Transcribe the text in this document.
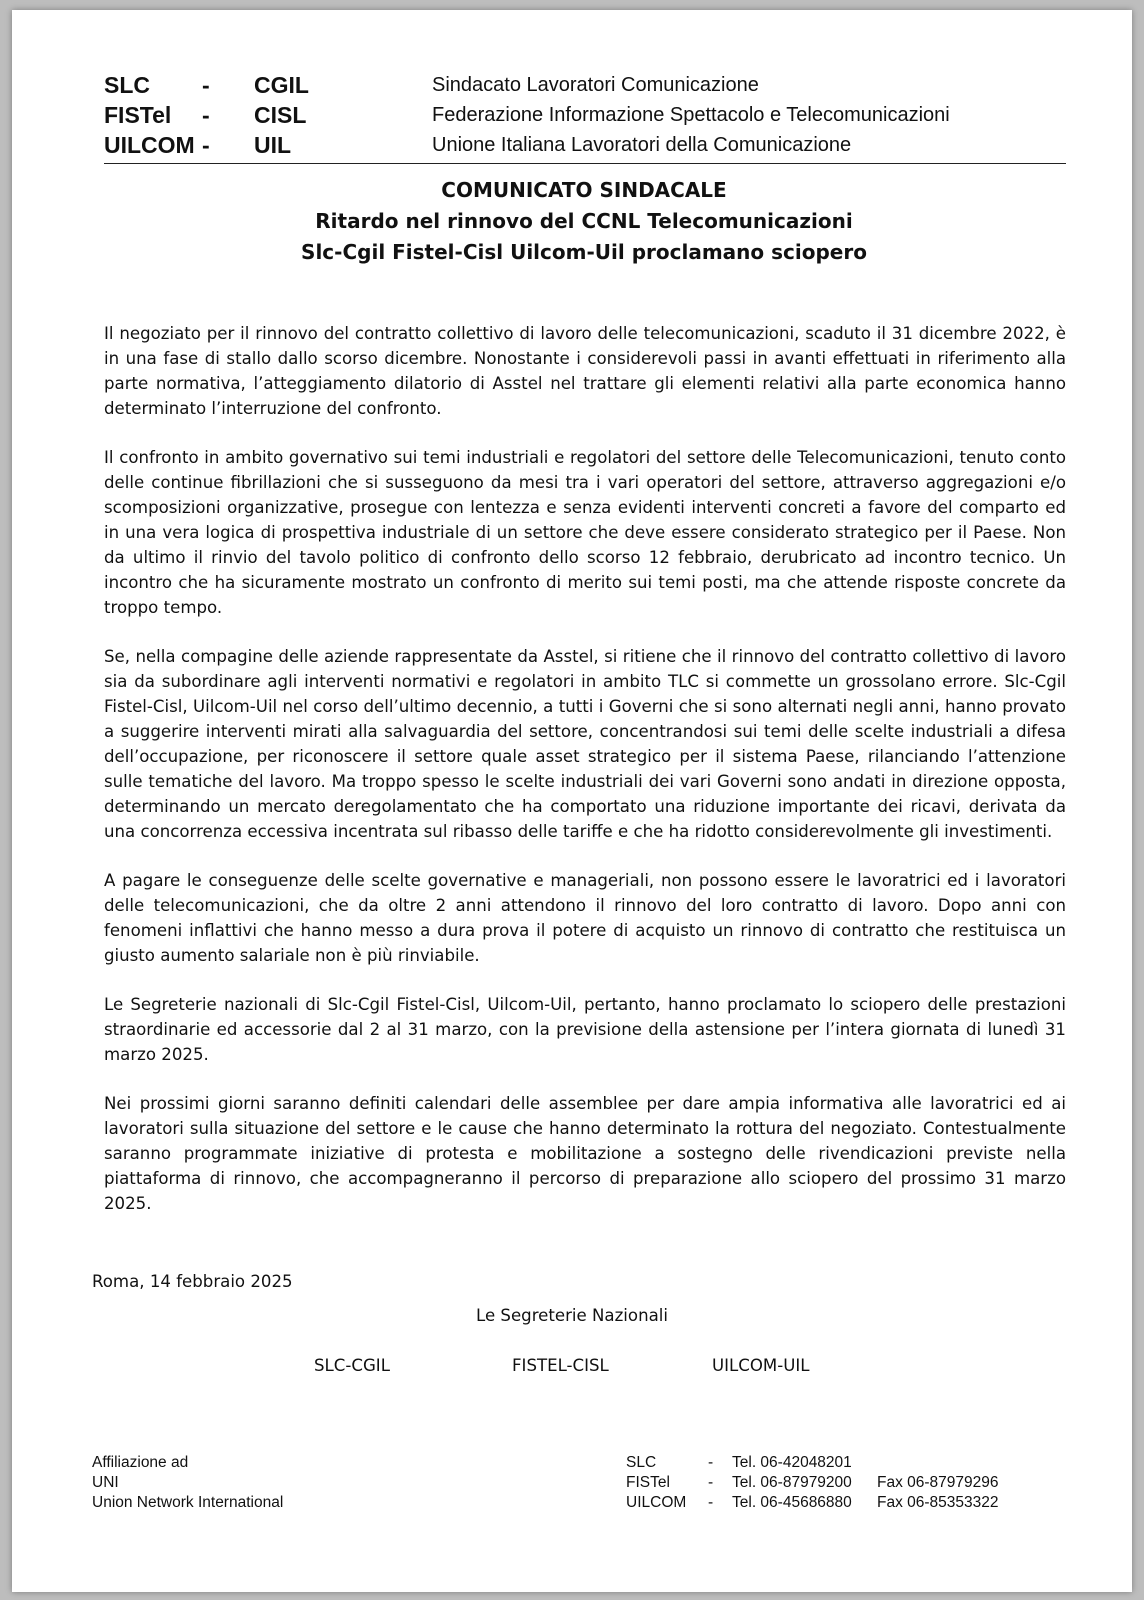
SLC	-	CGIL	Sindacato Lavoratori Comunicazione
FISTel	-	CISL	Federazione Informazione Spettacolo e Telecomunicazioni
UILCOM -	UIL	Unione Italiana Lavoratori della Comunicazione
COMUNICATO SINDACALE
Ritardo nel rinnovo del CCNL Telecomunicazioni
Slc-Cgil Fistel-Cisl Uilcom-Uil proclamano sciopero

Il negoziato per il rinnovo del contratto collettivo di lavoro delle telecomunicazioni, scaduto il 31 dicembre 2022, è in una fase di stallo dallo scorso dicembre. Nonostante i considerevoli passi in avanti effettuati in riferimento alla parte normativa, l’atteggiamento dilatorio di Asstel nel trattare gli elementi relativi alla parte economica hanno determinato l’interruzione del confronto.

Il confronto in ambito governativo sui temi industriali e regolatori del settore delle Telecomunicazioni, tenuto conto delle continue fibrillazioni che si susseguono da mesi tra i vari operatori del settore, attraverso aggregazioni e/o scomposizioni organizzative, prosegue con lentezza e senza evidenti interventi concreti a favore del comparto ed in una vera logica di prospettiva industriale di un settore che deve essere considerato strategico per il Paese. Non da ultimo il rinvio del tavolo politico di confronto dello scorso 12 febbraio, derubricato ad incontro tecnico. Un incontro che ha sicuramente mostrato un confronto di merito sui temi posti, ma che attende risposte concrete da troppo tempo.

Se, nella compagine delle aziende rappresentate da Asstel, si ritiene che il rinnovo del contratto collettivo di lavoro sia da subordinare agli interventi normativi e regolatori in ambito TLC si commette un grossolano errore. Slc-Cgil Fistel-Cisl, Uilcom-Uil nel corso dell’ultimo decennio, a tutti i Governi che si sono alternati negli anni, hanno provato a suggerire interventi mirati alla salvaguardia del settore, concentrandosi sui temi delle scelte industriali a difesa dell’occupazione, per riconoscere il settore quale asset strategico per il sistema Paese, rilanciando l’attenzione sulle tematiche del lavoro. Ma troppo spesso le scelte industriali dei vari Governi sono andati in direzione opposta, determinando un mercato deregolamentato che ha comportato una riduzione importante dei ricavi, derivata da una concorrenza eccessiva incentrata sul ribasso delle tariffe e che ha ridotto considerevolmente gli investimenti.

A pagare le conseguenze delle scelte governative e manageriali, non possono essere le lavoratrici ed i lavoratori delle telecomunicazioni, che da oltre 2 anni attendono il rinnovo del loro contratto di lavoro. Dopo anni con fenomeni inflattivi che hanno messo a dura prova il potere di acquisto un rinnovo di contratto che restituisca un giusto aumento salariale non è più rinviabile.

Le Segreterie nazionali di Slc-Cgil Fistel-Cisl, Uilcom-Uil, pertanto, hanno proclamato lo sciopero delle prestazioni straordinarie ed accessorie dal 2 al 31 marzo, con la previsione della astensione per l’intera giornata di lunedì 31 marzo 2025.

Nei prossimi giorni saranno definiti calendari delle assemblee per dare ampia informativa alle lavoratrici ed ai lavoratori sulla situazione del settore e le cause che hanno determinato la rottura del negoziato. Contestualmente saranno programmate iniziative di protesta e mobilitazione a sostegno delle rivendicazioni previste nella piattaforma di rinnovo, che accompagneranno il percorso di preparazione allo sciopero del prossimo 31 marzo 2025.

Roma, 14 febbraio 2025
Le Segreterie Nazionali
SLC-CGIL	FISTEL-CISL	UILCOM-UIL
Affiliazione ad
UNI
Union Network International
SLC	-	Tel. 06-42048201
FISTel	-	Tel. 06-87979200	Fax 06-87979296
UILCOM	-	Tel. 06-45686880	Fax 06-85353322
